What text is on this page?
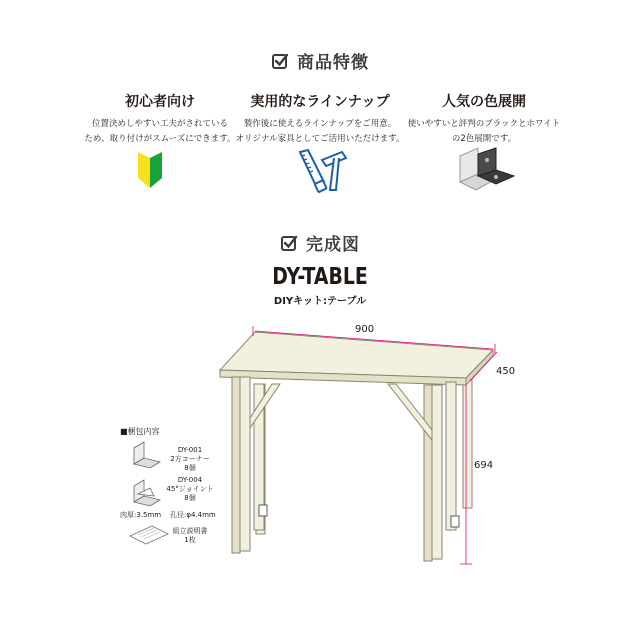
商品特徴
初心者向け
位置決めしやすい工夫がされている
ため、取り付けがスムーズにできます。
実用的なラインナップ
製作後に使えるラインナップをご用意。
オリジナル家具としてご活用いただけます。
人気の色展開
使いやすいと評判のブラックとホワイト
の2色展開です。
完成図
DY-TABLE
DIYキット:テーブル
900
450
694
■梱包内容
DY-001
2方コーナー
8個
DY-004
45°ジョイント
8個
肉厚:3.5mm 孔径:φ4.4mm
組立説明書
1枚
